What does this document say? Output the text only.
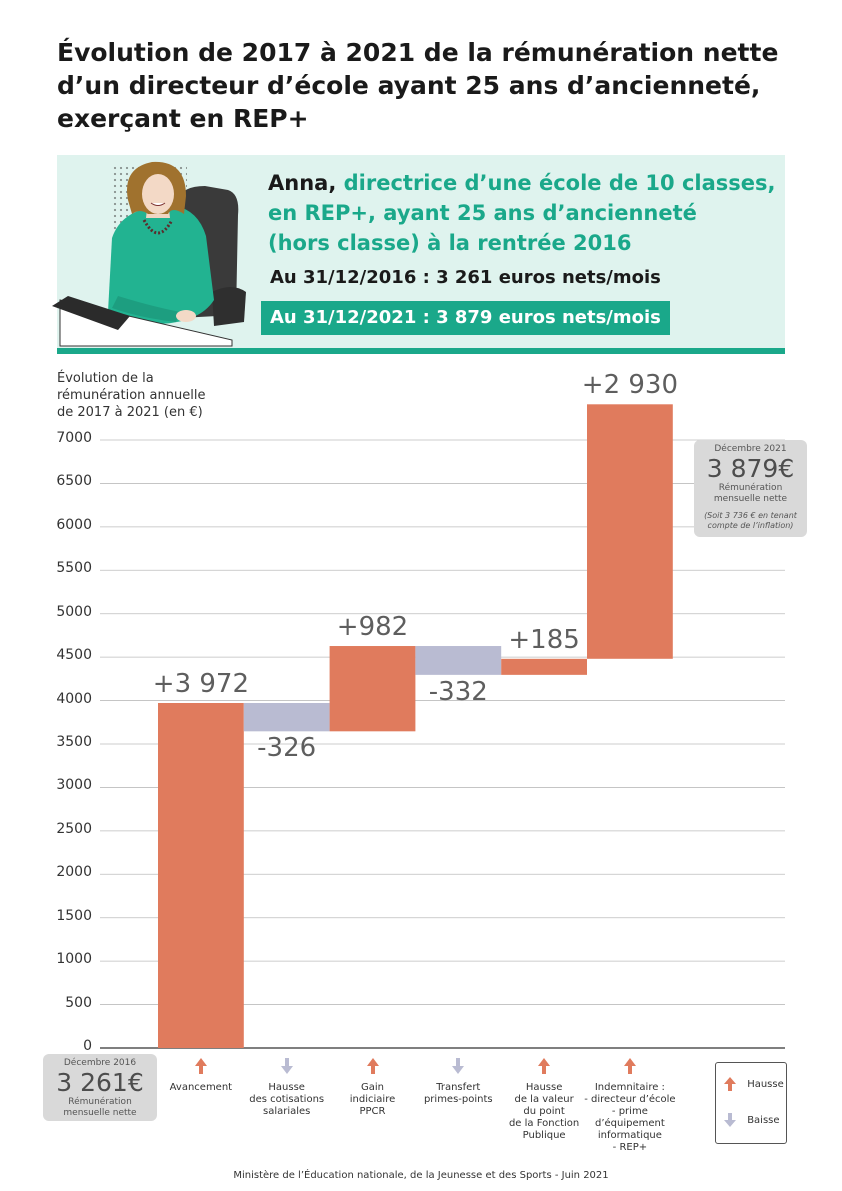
Évolution de 2017 à 2021 de la rémunération nette
d’un directeur d’école ayant 25 ans d’ancienneté,
exerçant en REP+
Anna, directrice d’une école de 10 classes,
en REP+, ayant 25 ans d’ancienneté
(hors classe) à la rentrée 2016
Au 31/12/2016 : 3 261 euros nets/mois
Au 31/12/2021 : 3 879 euros nets/mois
Évolution de la
rémunération annuelle
de 2017 à 2021 (en €)
0
500
1000
1500
2000
2500
3000
3500
4000
4500
5000
5500
6000
6500
7000
+3 972
-326
+982
-332
+185
+2 930
Avancement	Hausse
des cotisations
salariales
Gain
indiciaire
PPCR
Transfert
primes-points
Hausse
de la valeur
du point
de la Fonction
Publique
Indemnitaire :
- directeur d’école
- prime
d’équipement
informatique
- REP+
Décembre 2016
3 261€
Rémunération
mensuelle nette
Décembre 2021
3 879€
Rémunération
mensuelle nette
(Soit 3 736 € en tenant
compte de l’inflation)
Hausse
Baisse
Ministère de l’Éducation nationale, de la Jeunesse et des Sports - Juin 2021
